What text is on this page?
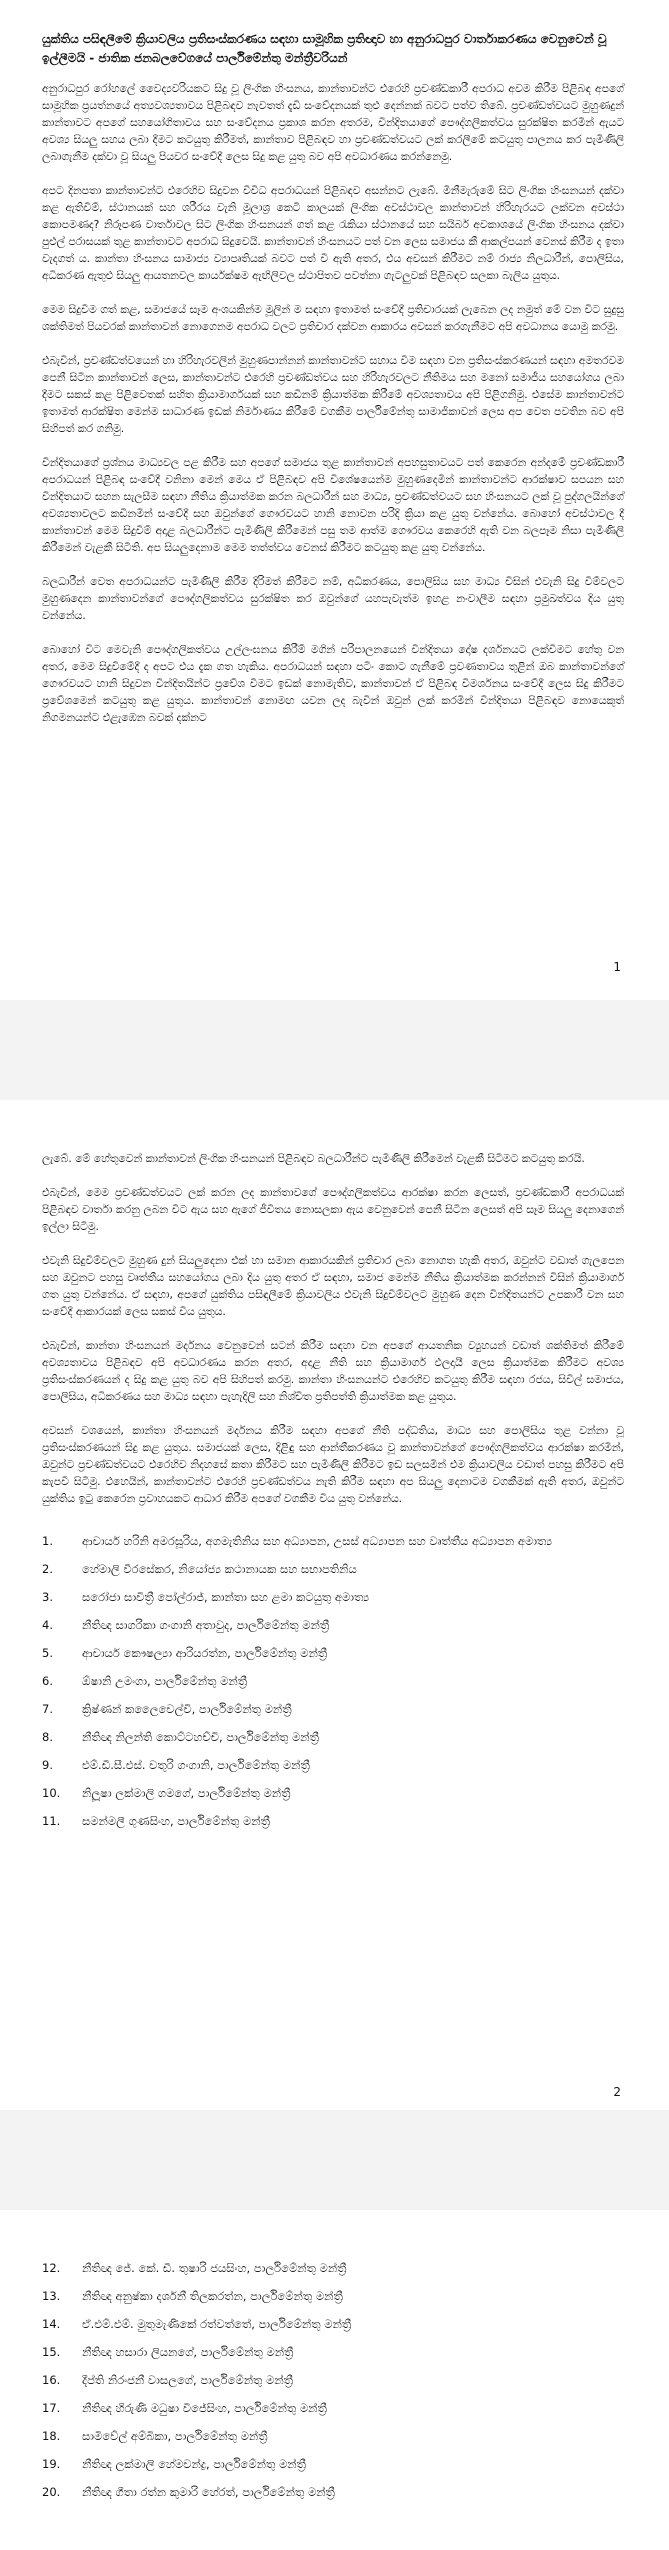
යුක්තිය පසිඳලීමේ ක්‍රියාවලිය ප්‍රතිසංස්කරණය සඳහා සාමූහික ප්‍රතිඥාව හා අනුරාධපුර වාර්තාකරණය වෙනුවෙන් වූ ඉල්ලීමයි - ජාතික ජනබලවේගයේ පාර්ලිමේන්තු මන්ත්‍රීවරියන්

අනුරාධපුර රෝහලේ වෛද්‍යවරියකට සිදු වූ ලිංගික හිංසනය, කාන්තාවන්ට එරෙහි ප්‍රචණ්ඩකාරී අපරාධ අවම කිරීම පිළිබඳ අපගේ සාමූහික ප්‍රයත්නයේ අත්‍යවශ්‍යතාවය පිළිබඳව නැවතත් දැඩි සංවේදනයක් තුළු දෙන්නක් බවට පත්ව තිබේ. ප්‍රචණ්ඩත්වයට මුහුණදුන් කාන්තාවට අපගේ සහයෝගිතාවය සහ සංවේදනය ප්‍රකාශ කරන අතරම, වින්දිතයාගේ පෞද්ගලිකත්වය සුරක්ෂිත කරමින් ඇයට අවශ්‍ය සියලු සහය ලබා දීමට කටයුතු කිරීමත්, කාන්තාව පිළිබඳව හා ප්‍රචණ්ඩත්වයට ලක් කරලීමේ කටයුතු පාලනය කර පැමිණිලි ලබාගැනීම දක්වා වූ සියලු පියවර සංවේදී ලෙස සිදු කළ යුතු බව අපි අවධාරණය කරන්නෙමු.

අපට දිනපතා කාන්තාවන්ට එරෙහිව සිදුවන විවිධ අපරාධයන් පිළිබඳව අසන්නට ලැබේ. මිනීමැරුමේ සිට ලිංගික හිංසනයන් දක්වා කළ ඇතිවීම්, ස්ථානයක් සහ ශරීරය වැනි මූලාශ්‍ර කෙටි කාලයක් ලිංගික අවස්ථාවල කාන්තාවන් හිරිහැරයට ලක්වන අවස්ථා කොපමණද? නිරූපණ වාර්තාවල සිට ලිංගික හිංසනයන් ගත් කළ රැකියා ස්ථානයේ සහ සයිබර් අවකාශයේ ලිංගික හිංසනය දක්වා පුළුල් පරාසයක් තුළ කාන්තාවට අපරාධ සිදුවෙයි. කාන්තාවන් හිංසනයට පත් වන ලෙස සමාජය කී ආකල්පයන් වෙනස් කිරීම ද ඉතා වැදගත් ය. කාන්තා හිංසනය සාමාජ්‍ය ව්‍යාපෘතියක් බවට පත් වී ඇති අතර, එය අවසන් කිරීමට නම් රාජ්‍ය නිලධාරීන්, පොලිසිය, අධිකරණ ඇතුළු සියලු ආයතනවල කාර්යක්ෂම ඇඟිලිවල ස්ථාපිතව පවත්නා ගැටලුවක් පිළිබඳව සලකා බැලිය යුතුය.

මෙම සිදුවීම ගත් කළ, සමාජයේ සෑම අංශයකින්ම මූලින් ම සඳහා ඉතාමත් සංවේදී ප්‍රතිචාරයක් ලැබෙන ලද නමුත් මේ වන විට සුදුසු ශක්තිමත් පියවරක් කාන්තාවන් නොගෙනම අපරාධ වලට ප්‍රතිචාර දක්වන ආකාරය අවසන් කරගැනීමට අපි අවධානය යොමු කරමු.

එබැවින්, ප්‍රචණ්ඩත්වයෙන් හා හිරිහැරවලින් මුහුණපාන්නන් කාන්තාවන්ට සහාය වීම සඳහා වන ප්‍රතිසංස්කරණයන් සඳහා අමතරවම පෙනී සිටින කාන්තාවන් ලෙස, කාන්තාවන්ට එරෙහි ප්‍රචණ්ඩත්වය සහ හිරිහැරවලට නීතිමය සහ මනෝ සමාජීය සහයෝගය ලබා දීමට සකස් කළ පිළිවෙතක් සහිත ක්‍රියාමාර්ගයක් සහ කඩිනම් ක්‍රියාත්මක කිරීමේ අවශ්‍යතාවය අපි පිළිගනිමු. එසේම කාන්තාවන්ට ඉතාමත් ආරක්ෂිත මෙන්ම සාධාරණ ඉඩක් නිර්මාණය කිරීමේ වගකීම පාර්ලිමේන්තු සාමාජිකාවන් ලෙස අප වෙත පවතින බව අපි සිහිපත් කර ගනිමු.

වින්දිතයාගේ ප්‍රශ්නය මාධ්‍යවල පළ කිරීම සහ අපගේ සමාජය තුළ කාන්තාවන් අපහසුතාවයට පත් කෙරෙන අන්දමේ ප්‍රචණ්ඩකාරී අපරාධයන් පිළිබඳ සංවේදී වනිනා මෙන් මෙය ඒ පිළිබඳව අපි විශේෂයෙන්ම මුහුණදෙමින් කාන්තාවන්ට ආරක්ෂාව සපයන සහ වින්දිතයාට සහන සැලසීම සඳහා නීතිය ක්‍රියාත්මක කරන බලධාරීන් සහ මාධ්‍ය, ප්‍රචණ්ඩත්වයට සහ හිංසනයට ලක් වූ පුද්ගලයින්ගේ අවශ්‍යතාවලට කඩිනමින් සංවේදී සහ ඔවුන්ගේ ගෞරවයට හානි නොවන පරිදි ක්‍රියා කළ යුතු වන්නේය. බොහෝ අවස්ථාවල දී කාන්තාවන් මෙම සිදුවීම් අදාළ බලධාරීන්ට පැමිණිලි කිරීමෙන් පසු තම ආත්ම ගෞරවය කෙරෙහි ඇති වන බලපෑම නිසා පැමිණිලි කිරීමෙන් වැළකී සිටිති. අප සියලුදෙනාම මෙම තත්ත්වය වෙනස් කිරීමට කටයුතු කළ යුතු වන්නේය.

බලධාරීන් වෙත අපරාධයන්ට පැමිණිලි කිරීම දිරිමත් කිරීමට නම්, අධිකරණය, පොලිසිය සහ මාධ්‍ය විසින් එවැනි සිදු වීම්වලට මුහුණදෙන කාන්තාවන්ගේ පෞද්ගලිකත්වය සුරක්ෂිත කර ඔවුන්ගේ යහපැවැත්ම ඉහළ නංවාලීම සඳහා ප්‍රමුඛත්වය දිය යුතු වන්නේය.

බොහෝ විට මෙවැනි පෞද්ගලිකත්වය උල්ලංඝනය කිරීම් මගින් පරිපාලනයෙන් වින්දිතයා දෝෂ දර්ශනයට ලක්වීමට හේතු වන අතර, මෙම සිදුවීමේදී ද අපට එය දැක ගත හැකිය. අපරාධයන් සඳහා පටිං කොට ගැනීමේ ප්‍රවණතාවය තුළින් ඔබ කාන්තාවන්ගේ ගෞරවයට හානි සිදුවන වින්දිතයින්ට ප්‍රවේශ වීමට ඉඩක් නොමැතිව, කාන්තාවන් ඒ පිළිබඳ විමර්ශනය සංවේදී ලෙස සිදු කිරීමට ප්‍රවේශමෙන් කටයුතු කළ යුතුය. කාන්තාවන් නොමඟ යවන ලද බැවින් ඔවුන් ලක් කරමින් වින්දිතයා පිළිබඳව නොයෙකුත් නිගමනයන්ට එළැඹෙන බවක් දක්නට

1

ලැබේ. මේ හේතුවෙන් කාන්තාවන් ලිංගික හිංසනයන් පිළිබඳව බලධාරීන්ට පැමිණිලි කිරීමෙන් වැළකී සිටීමට කටයුතු කරයි.

එබැවින්, මෙම ප්‍රචණ්ඩත්වයට ලක් කරන ලද කාන්තාවගේ පෞද්ගලිකත්වය ආරක්ෂා කරන ලෙසත්, ප්‍රචණ්ඩකාරී අපරාධයක් පිළිබඳව වාර්තා කරනු ලබන විට ඇය සහ ඇගේ ජීවිතය නොසලකා ඇය වෙනුවෙන් පෙනී සිටින ලෙසත් අපි සෑම සියලු දෙනාගෙන් ඉල්ලා සිටිමු.

එවැනි සිදුවීම්වලට මුහුණ දුන් සියලුදෙනා එක් හා සමාන ආකාරයකින් ප්‍රතිචාර ලබා නොගත හැකි අතර, ඔවුන්ට වඩාත් ගැලපෙන සහ ඔවුනට පහසු වෘත්තීය සහයෝගය ලබා දිය යුතු අතර ඒ සඳහා, සමාජ මෙන්ම නීතිය ක්‍රියාත්මක කරන්නන් විසින් ක්‍රියාමාර්ග ගත යුතු වන්නේය. ඒ සඳහා, අපගේ යුක්තිය පසිඳලීමේ ක්‍රියාවලිය එවැනි සිදුවීම්වලට මුහුණ දෙන වින්දිතයන්ට උපකාරී වන සහ සංවේදී ආකාරයක් ලෙස සකස් විය යුතුය.

එබැවින්, කාන්තා හිංසනයන් මර්දනය වෙනුවෙන් සටන් කිරීම සඳහා වන අපගේ ආයතනික ව්‍යුහයන් වඩාත් ශක්තිමත් කිරීමේ අවශ්‍යතාවය පිළිබඳව අපි අවධාරණය කරන අතර, අදාළ නීති සහ ක්‍රියාමාර්ග ඵලදායී ලෙස ක්‍රියාත්මක කිරීමට අවශ්‍ය ප්‍රතිසංස්කරණයන් ද සිදු කළ යුතු බව අපි සිහිපත් කරමු. කාන්තා හිංසනයන්ට එරෙහිව කටයුතු කිරීම සඳහා රජය, සිවිල් සමාජය, පොලිසිය, අධිකරණය සහ මාධ්‍ය සඳහා පැහැදිලි සහ නිශ්චිත ප්‍රතිපත්ති ක්‍රියාත්මක කළ යුතුය.

අවසන් වශයෙන්, කාන්තා හිංසනයන් මර්දනය කිරීම සඳහා අපගේ නීති පද්ධතිය, මාධ්‍ය සහ පොලිසිය තුළ වන්නා වූ ප්‍රතිසංස්කරණයන් සිදු කළ යුතුය. සමාජයක් ලෙස, දිළිඳු සහ ආන්තීකරණය වූ කාන්තාවන්ගේ පෞද්ගලිකත්වය ආරක්ෂා කරමින්, ඔවුන්ට ප්‍රචණ්ඩත්වයට එරෙහිව නිදහසේ කතා කිරීමට සහ පැමිණිලි කිරීමට ඉඩ සලසමින් එම ක්‍රියාවලිය වඩාත් පහසු කිරීමට අපි කැපවී සිටිමු. එහෙයින්, කාන්තාවන්ට එරෙහි ප්‍රචණ්ඩත්වය නැති කිරීම සඳහා අප සියලු දෙනාටම වගකීමක් ඇති අතර, ඔවුන්ට යුක්තිය ඉටු කෙරෙන ප්‍රවාහයකට ආධාර කිරීම අපගේ වගකීම විය යුතු වන්නේය.

1.	ආචාර්ය හරිනි අමරසූරිය, අගමැතිනිය සහ අධ්‍යාපන, උසස් අධ්‍යාපන සහ වෘත්තීය අධ්‍යාපන අමාත්‍ය
2.	හේමාලි වීරසේකර, නියෝජ්‍ය කථානායක සහ සභාපතිනිය
3.	සරෝජා සාවිත්‍රී පෝල්රාජ්, කාන්තා සහ ළමා කටයුතු අමාත්‍ය
4.	නීතිඥ සාගරිකා ගංගානි අතාවුද, පාර්ලිමේන්තු මන්ත්‍රී
5.	ආචාර්ය කෞෂල්‍යා ආරියරත්න, පාර්ලිමේන්තු මන්ත්‍රී
6.	ඕෂානි උමංගා, පාර්ලිමේන්තු මන්ත්‍රී
7.	ක්‍රිෂ්ණන් කලෛචෙල්වි, පාර්ලිමේන්තු මන්ත්‍රී
8.	නීතිඥ නිලන්ති කොට්ටහච්චි, පාර්ලිමේන්තු මන්ත්‍රී
9.	එම්.ඩී.සී.එස්. චතුරි ගංගානි, පාර්ලිමේන්තු මන්ත්‍රී
10.	නිලූෂා ලක්මාලි ගමගේ, පාර්ලිමේන්තු මන්ත්‍රී
11.	සමන්මලී ගුණසිංහ, පාර්ලිමේන්තු මන්ත්‍රී
2
12.	නීතිඥ ජේ. කේ. ඩී. තුෂාරි ජයසිංහ, පාර්ලිමේන්තු මන්ත්‍රී
13.	නීතිඥ අනුෂ්කා දර්ශනී තිලකරත්න, පාර්ලිමේන්තු මන්ත්‍රී
14.	ඒ.එම්.එම්. මුතුමැණිකේ රත්වත්තේ, පාර්ලිමේන්තු මන්ත්‍රී
15.	නීතිඥ හසාරා ලියනගේ, පාර්ලිමේන්තු මන්ත්‍රී
16.	දීප්ති නිරංජනී වාසලගේ, පාර්ලිමේන්තු මන්ත්‍රී
17.	නීතිඥ හිරුණි මධුෂා විජේසිංහ, පාර්ලිමේන්තු මන්ත්‍රී
18.	සාමිවේල් අම්බිකා, පාර්ලිමේන්තු මන්ත්‍රී
19.	නීතිඥ ලක්මාලි හේමචන්ද්‍ර, පාර්ලිමේන්තු මන්ත්‍රී
20.	නීතිඥ ගීතා රත්න කුමාරි හේරත්, පාර්ලිමේන්තු මන්ත්‍රී
